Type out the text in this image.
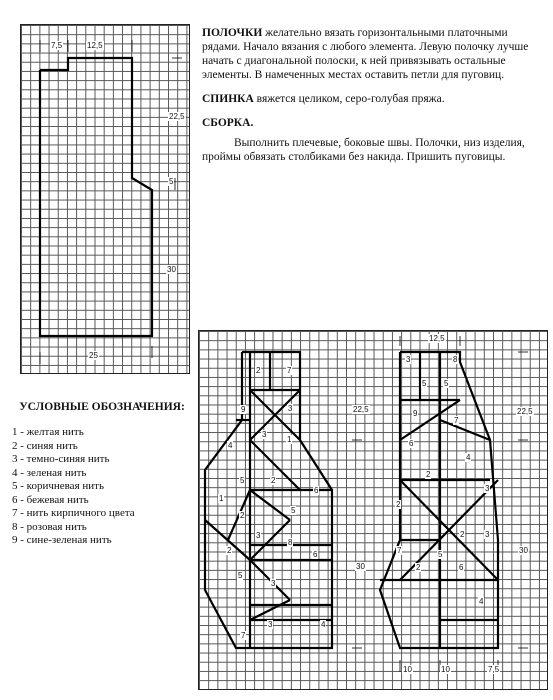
7,5	12,5
22,5
5
30
25

ПОЛОЧКИ желательно вязать горизонтальными платочными рядами. Начало вязания с любого элемента. Левую полочку лучше начать с диагональной полоски, к ней привязывать остальные элементы. В намеченных местах оставить петли для пуговиц.

СПИНКА вяжется целиком, серо-голубая пряжа.

СБОРКА.

Выполнить плечевые, боковые швы. Полочки, низ изделия, проймы обвязать столбиками без накида. Пришить пуговицы.

УСЛОВНЫЕ ОБОЗНАЧЕНИЯ:
1 - желтая нить
2 - синяя нить
3 - темно-синяя нить
4 - зеленая нить
5 - коричневая нить
6 - бежевая нить
7 - нить кирпичного цвета
8 - розовая нить
9 - сине-зеленая нить
12,5
22,5	22,5
30
30
10	10	7,5
2	7
9	3
3
4
1
1
5	2
6
2
5
3
8
2	6
5
3
7
3	4
3	8
5 5
9
7
6
4
2
3
2
7
2	3
5
2	6
4
